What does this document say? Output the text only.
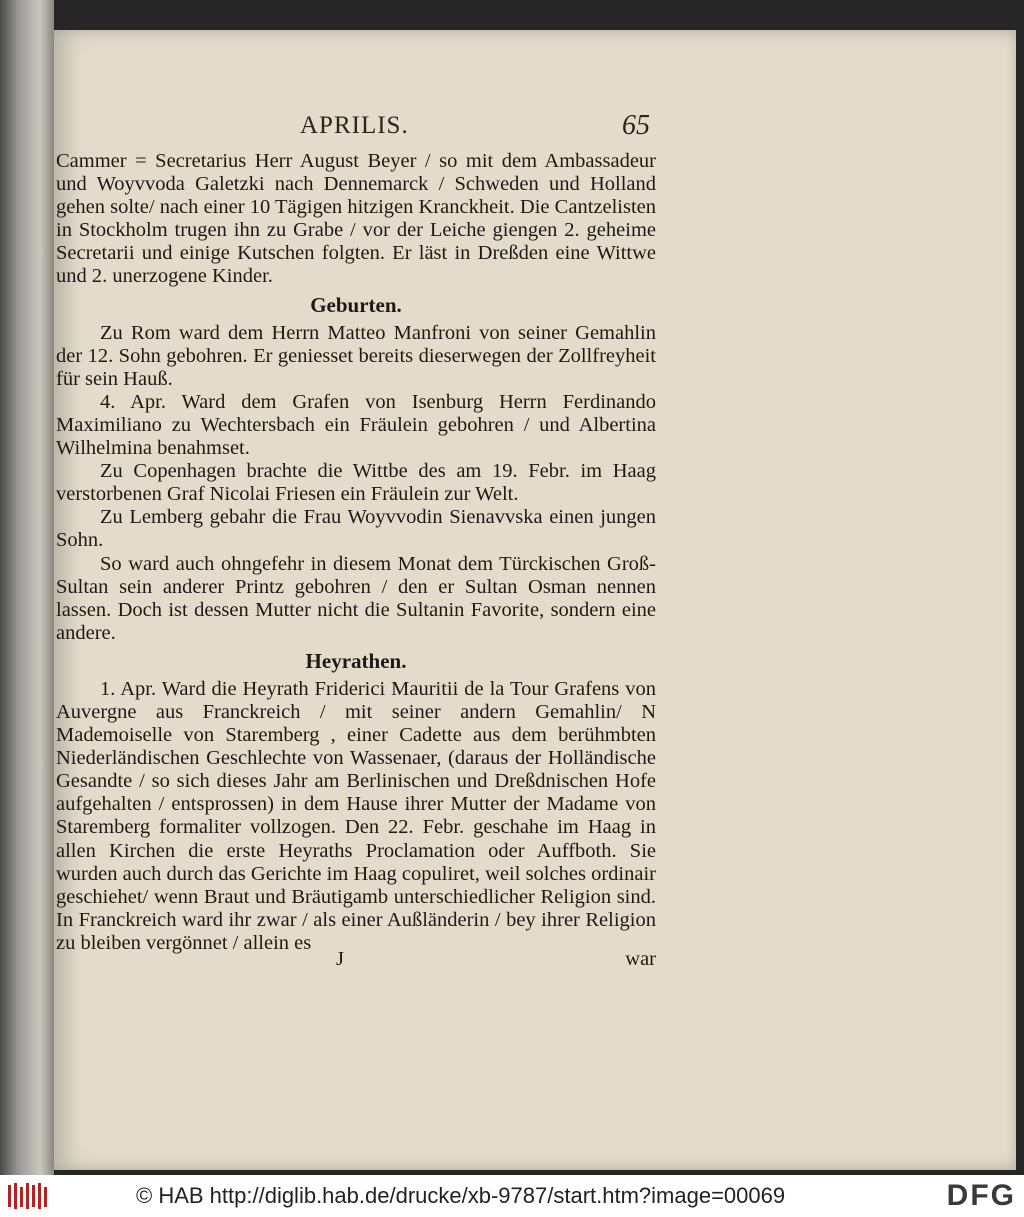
APRILIS.	65

Cammer = Secretarius Herr August Beyer / so mit dem Ambassadeur und Woyvvoda Galetzki nach Dennemarck / Schweden und Holland gehen solte/ nach einer 10 Tägigen hitzigen Kranckheit. Die Cantzelisten in Stockholm trugen ihn zu Grabe / vor der Leiche giengen 2. geheime Secretarii und einige Kutschen folgten. Er läst in Dreßden eine Wittwe und 2. unerzogene Kinder.

Geburten.

Zu Rom ward dem Herrn Matteo Manfroni von seiner Gemahlin der 12. Sohn gebohren. Er geniesset bereits dieserwegen der Zollfreyheit für sein Hauß.

4. Apr. Ward dem Grafen von Isenburg Herrn Ferdinando Maximiliano zu Wechtersbach ein Fräulein gebohren / und Albertina Wilhelmina benahmset.

Zu Copenhagen brachte die Wittbe des am 19. Febr. im Haag verstorbenen Graf Nicolai Friesen ein Fräulein zur Welt.

Zu Lemberg gebahr die Frau Woyvvodin Sienavvska einen jungen Sohn.

So ward auch ohngefehr in diesem Monat dem Türckischen Groß-Sultan sein anderer Printz gebohren / den er Sultan Osman nennen lassen. Doch ist dessen Mutter nicht die Sultanin Favorite, sondern eine andere.

Heyrathen.

1. Apr. Ward die Heyrath Friderici Mauritii de la Tour Grafens von Auvergne aus Franckreich / mit seiner andern Gemahlin/ N Mademoiselle von Staremberg , einer Cadette aus dem berühmbten Niederländischen Geschlechte von Wassenaer, (daraus der Holländische Gesandte / so sich dieses Jahr am Berlinischen und Dreßdnischen Hofe aufgehalten / entsprossen) in dem Hause ihrer Mutter der Madame von Staremberg formaliter vollzogen. Den 22. Febr. geschahe im Haag in allen Kirchen die erste Heyraths Proclamation oder Auffboth. Sie wurden auch durch das Gerichte im Haag copuliret, weil solches ordinair geschiehet/ wenn Braut und Bräutigamb unterschiedlicher Religion sind. In Franckreich ward ihr zwar / als einer Außländerin / bey ihrer Religion zu bleiben vergönnet / allein es

J	war
© HAB http://diglib.hab.de/drucke/xb-9787/start.htm?image=00069	DFG
